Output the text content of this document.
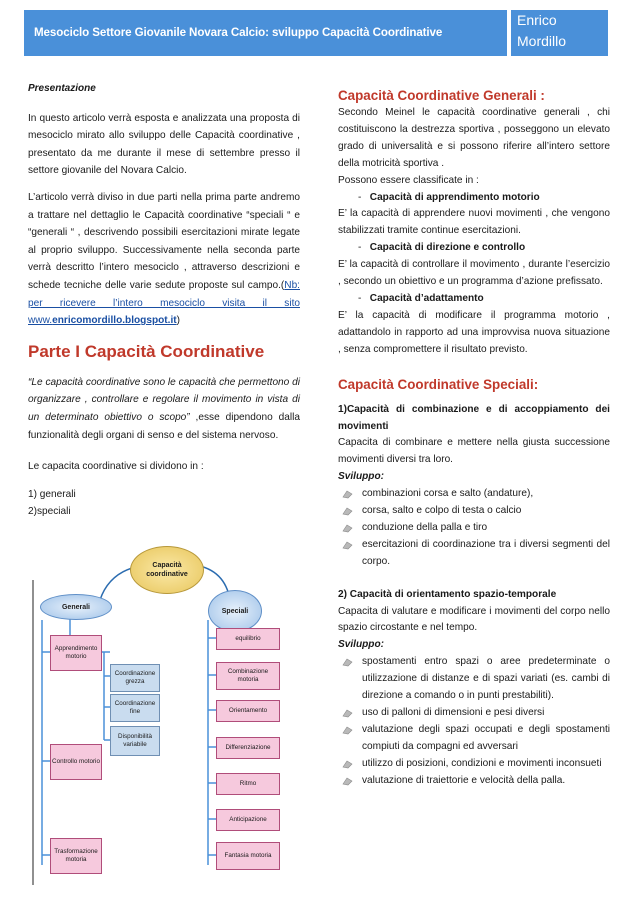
Mesociclo Settore Giovanile Novara Calcio: sviluppo Capacità Coordinative
Enrico
Mordillo

Presentazione

In questo articolo verrà esposta e analizzata una proposta di mesociclo mirato allo sviluppo delle Capacità coordinative , presentato da me durante il mese di settembre presso il settore giovanile del Novara Calcio.

L’articolo verrà diviso in due parti nella prima parte andremo a trattare nel dettaglio le Capacità coordinative “speciali “ e “generali “ , descrivendo possibili esercitazioni mirate legate al proprio sviluppo. Successivamente nella seconda parte verrà descritto l’intero mesociclo , attraverso descrizioni e schede tecniche delle varie sedute proposte sul campo.(Nb: per ricevere l’intero mesociclo visita il sito www.enricomordillo.blogspot.it)

Parte I Capacità Coordinative

“Le capacità coordinative sono le capacità che permettono di organizzare , controllare e regolare il movimento in vista di un determinato obiettivo o scopo” ,esse dipendono dalla funzionalità degli organi di senso e del sistema nervoso.

Le capacita coordinative si dividono in :

1) generali

2)speciali

Capacità coordinative
Generali
Speciali
Apprendimento motorio
Controllo motorio
Trasformazione motoria
Coordinazione grezza
Coordinazione fine
Disponibilità variabile
equilibrio
Combinazione motoria
Orientamento
Differenziazione
Ritmo
Anticipazione
Fantasia motoria

Capacità Coordinative Generali :

Secondo Meinel le capacità coordinative generali , chi costituiscono la destrezza sportiva , posseggono un elevato grado di universalità e si possono riferire all’intero settore della motricità sportiva .

Possono essere classificate in :

-   Capacità di apprendimento motorio

E’ la capacità di apprendere nuovi movimenti , che vengono stabilizzati tramite continue esercitazioni.

-   Capacità di direzione e controllo

E’ la capacità di controllare il movimento , durante l’esercizio , secondo un obiettivo e un programma d’azione prefissato.

-   Capacità d’adattamento

E’ la capacità di modificare il programma motorio , adattandolo in rapporto ad una improvvisa nuova situazione , senza compromettere il risultato previsto.

Capacità Coordinative Speciali:

1)Capacità di combinazione e di accoppiamento dei movimenti

Capacita di combinare e mettere nella giusta successione movimenti diversi tra loro.

Sviluppo:

combinazioni corsa e salto (andature),

corsa, salto e colpo di testa o calcio

conduzione della palla e tiro

esercitazioni di coordinazione tra i diversi segmenti del corpo.

2) Capacità di orientamento spazio-temporale

Capacita di valutare e modificare i movimenti del corpo nello spazio circostante e nel tempo.

Sviluppo:

spostamenti entro spazi o aree predeterminate o utilizzazione di distanze e di spazi variati (es. cambi di direzione a comando o in punti prestabiliti).

uso di palloni di dimensioni e pesi diversi

valutazione degli spazi occupati e degli spostamenti compiuti da compagni ed avversari

utilizzo di posizioni, condizioni e movimenti inconsueti

valutazione di traiettorie e velocità della palla.
